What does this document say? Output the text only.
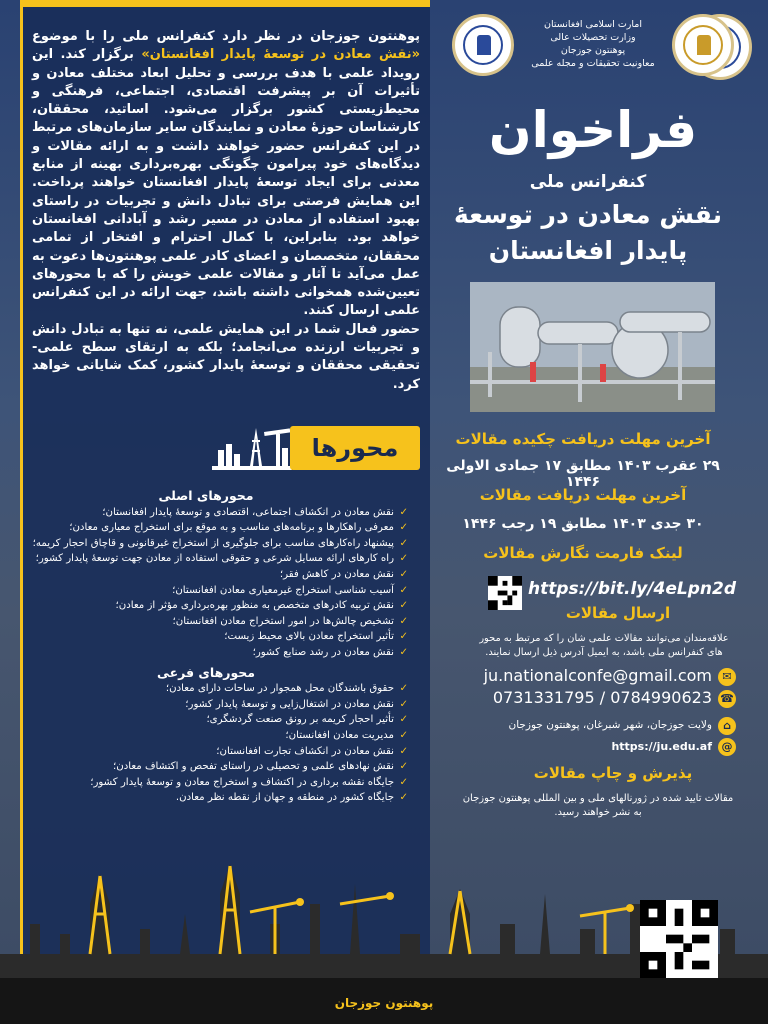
پوهنتون جوزجان در نظر دارد کنفرانس ملی را با موضوع «نقش معادن در توسعهٔ پایدار افغانستان» برگزار کند. این رویداد علمی با هدف بررسی و تحلیل ابعاد مختلف معادن و تأثیرات آن بر پیشرفت اقتصادی، اجتماعی، فرهنگی و محیط‌زیستی کشور برگزار می‌شود. اساتید، محققان، کارشناسان حوزهٔ معادن و نمایندگان سایر سازمان‌های مرتبط در این کنفرانس حضور خواهند داشت و به ارائه مقالات و دیدگاه‌های خود پیرامون چگونگی بهره‌برداری بهینه از منابع معدنی برای ایجاد توسعهٔ پایدار افغانستان خواهند پرداخت. این همایش فرصتی برای تبادل دانش و تجربیات در راستای بهبود استفاده از معادن در مسیر رشد و آبادانی افغانستان خواهد بود. بنابراین، با کمال احترام و افتخار از تمامی محققان، متخصصان و اعضای کادر علمی پوهنتون‌ها دعوت به عمل می‌آید تا آثار و مقالات علمی خویش را که با محورهای تعیین‌شده همخوانی داشته باشد، جهت ارائه در این کنفرانس علمی ارسال کنند.

حضور فعال شما در این همایش علمی، نه تنها به تبادل دانش و تجربیات ارزنده می‌انجامد؛ بلکه به ارتقای سطح علمی- تحقیقی محققان و توسعهٔ پایدار کشور، کمک شایانی خواهد کرد.

محورها
محورهای اصلی
✓
نقش معادن در انکشاف اجتماعی، اقتصادی و توسعهٔ پایدار افغانستان؛
✓
معرفی راهکارها و برنامه‌های مناسب و به موقع برای استخراج معیاری معادن؛
✓
پیشنهاد راه‌کارهای مناسب برای جلوگیری از استخراج غیرقانونی و قاچاق احجار کریمه؛
✓
راه کارهای ارائه مسایل شرعی و حقوقی استفاده از معادن جهت توسعهٔ پایدار کشور؛
✓
نقش معادن در کاهش فقر؛
✓
آسیب شناسی استخراج غیرمعیاری معادن افغانستان؛
✓
نقش تربیه کادرهای متخصص به منظور بهره‌برداری مؤثر از معادن؛
✓
تشخیص چالش‌ها در امور استخراج معادن افغانستان؛
✓
تأثیر استخراج معادن بالای محیط زیست؛
✓
نقش معادن در رشد صنایع کشور؛
محورهای فرعی
✓
حقوق باشندگان محل همجوار در ساحات دارای معادن؛
✓
نقش معادن در اشتغال‌زایی و توسعهٔ پایدار کشور؛
✓
تأثیر احجار کریمه بر رونق صنعت گردشگری؛
✓
مدیریت معادن افغانستان؛
✓
نقش معادن در انکشاف تجارت افغانستان؛
✓
نقش نهادهای علمی و تحصیلی در راستای تفحص و اکتشاف معادن؛
✓
جایگاه نقشه برداری در اکتشاف و استخراج معادن و توسعهٔ پایدار کشور؛
✓
جایگاه کشور در منطقه و جهان از نقطه نظر معادن.
امارت اسلامی افغانستان
وزارت تحصیلات عالی
پوهنتون جوزجان
معاونیت تحقیقات و مجله علمی
فراخوان
کنفرانس ملی
نقش معادن در توسعهٔ
پایدار افغانستان
آخرین مهلت دریافت چکیده مقالات
۲۹ عقرب ۱۴۰۳ مطابق ۱۷ جمادی الاولی ۱۴۴۶
آخرین مهلت دریافت مقالات
۳۰ جدی ۱۴۰۳ مطابق ۱۹ رجب ۱۴۴۶
لینک فارمت نگارش مقالات
https://bit.ly/4eLpn2d
ارسال مقالات
علاقه‌مندان می‌توانند مقالات علمی شان را که مرتبط به محور های کنفرانس ملی باشد، به ایمیل آدرس ذیل ارسال نمایند.
✉
ju.nationalconfe@gmail.com
☎
0731331795 / 0784990623
⌂
ولایت جوزجان، شهر شبرغان، پوهنتون جوزجان
@
https://ju.edu.af
پذیرش و چاپ مقالات
مقالات تایید شده در ژورنالهای ملی و بین المللی پوهنتون جوزجان به نشر خواهند رسید.
پوهنتون جوزجان
